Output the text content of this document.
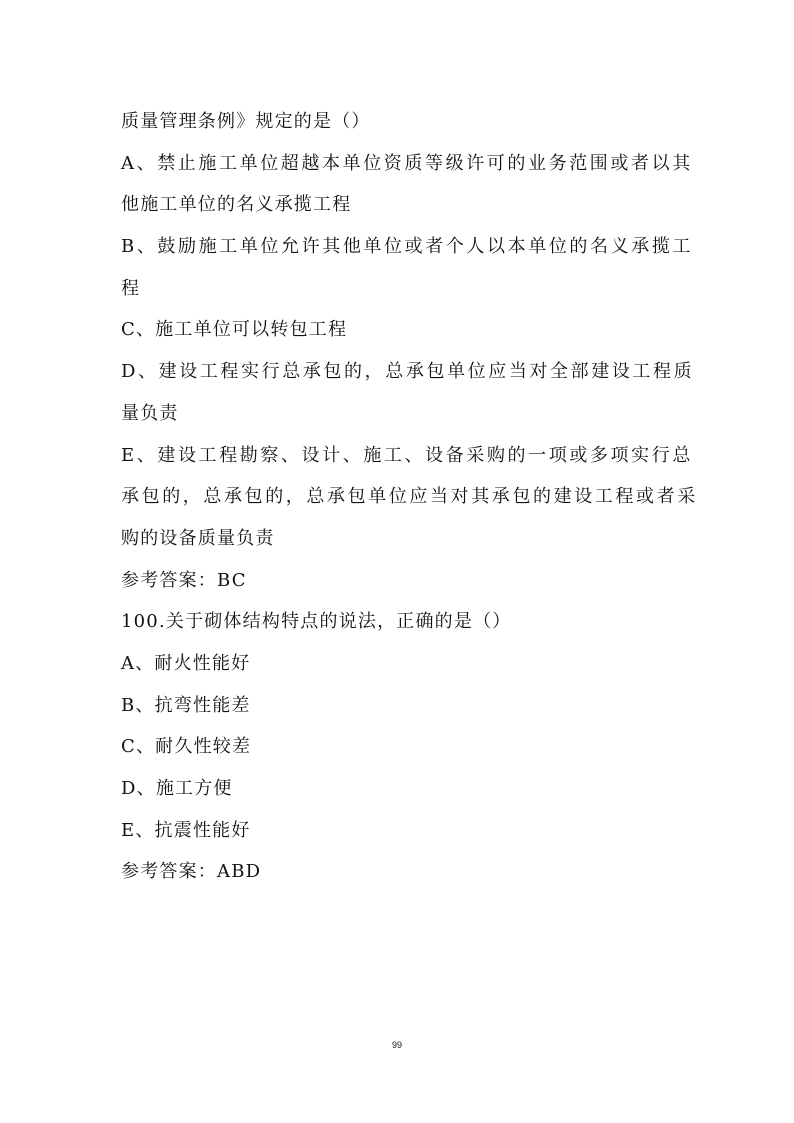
质量管理条例》规定的是（）
A、禁止施工单位超越本单位资质等级许可的业务范围或者以其
他施工单位的名义承揽工程
B、鼓励施工单位允许其他单位或者个人以本单位的名义承揽工
程
C、施工单位可以转包工程
D、建设工程实行总承包的，总承包单位应当对全部建设工程质
量负责
E、建设工程勘察、设计、施工、设备采购的一项或多项实行总
承包的，总承包的，总承包单位应当对其承包的建设工程或者采
购的设备质量负责
参考答案：BC
100.关于砌体结构特点的说法，正确的是（）
A、耐火性能好
B、抗弯性能差
C、耐久性较差
D、施工方便
E、抗震性能好
参考答案：ABD
99
